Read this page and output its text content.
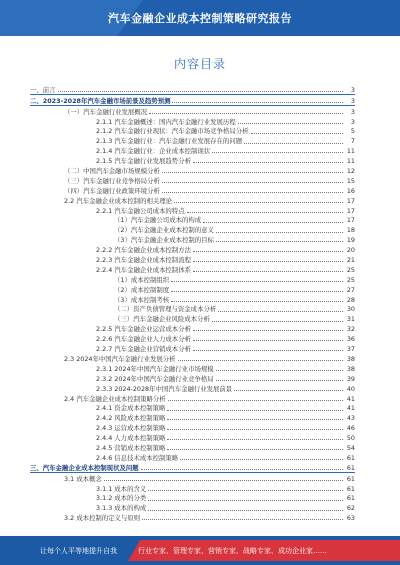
汽车金融企业成本控制策略研究报告
内容目录
一、前言	3
二、2023-2028年汽车金融市场前景及趋势预测	3
（一）汽车金融行业发展概况	3
2.1.1 汽车金融概述：国内汽车金融行业发展历程	3
2.1.2 汽车金融行业现状：汽车金融市场竞争格局分析	5
2.1.3 汽车金融行业：汽车金融行业发展存在的问题	7
2.1.4 汽车金融行业：企业成本控制现状	11
2.1.5 汽车金融行业发展趋势分析	11
（二）中国汽车金融市场规模分析	12
（三）汽车金融行业竞争格局分析	15
（四）汽车金融行业政策环境分析	16
2.2 汽车金融企业成本控制的相关理论	17
2.2.1 汽车金融公司成本的特点	17
（1）汽车金融公司成本的构成	17
（2）汽车金融企业成本控制的意义	18
（3）汽车金融企业成本控制的目标	19
2.2.2 汽车金融企业成本控制方法	20
2.2.3 汽车金融企业成本控制流程	21
2.2.4 汽车金融企业成本控制体系	25
（1）成本控制组织	25
（2）成本控制制度	27
（3）成本控制考核	28
（二）资产负债管理与资金成本分析	30
（三）汽车金融企业风险成本分析	31
2.2.5 汽车金融企业运营成本分析	32
2.2.6 汽车金融企业人力成本分析	36
2.2.7 汽车金融企业营销成本分析	37
2.3 2024年中国汽车金融行业发展分析	38
2.3.1 2024年中国汽车金融行业市场规模	38
2.3.2 2024年中国汽车金融行业竞争格局	39
2.3.3 2024-2028年中国汽车金融行业发展前景	40
2.4 汽车金融企业成本控制策略分析	41
2.4.1 资金成本控制策略	41
2.4.2 风险成本控制策略	43
2.4.3 运营成本控制策略	46
2.4.4 人力成本控制策略	50
2.4.5 营销成本控制策略	54
2.4.6 信息技术成本控制策略	61
三、汽车金融企业成本控制现状及问题	61
3.1 成本概念	61
3.1.1 成本的含义	61
3.1.2 成本的分类	61
3.1.3 成本的构成	62
3.2 成本控制的定义与原则	63
让每个人平等地提升自我	行业专家、管理专家、营销专家、战略专家、成功企业家……
